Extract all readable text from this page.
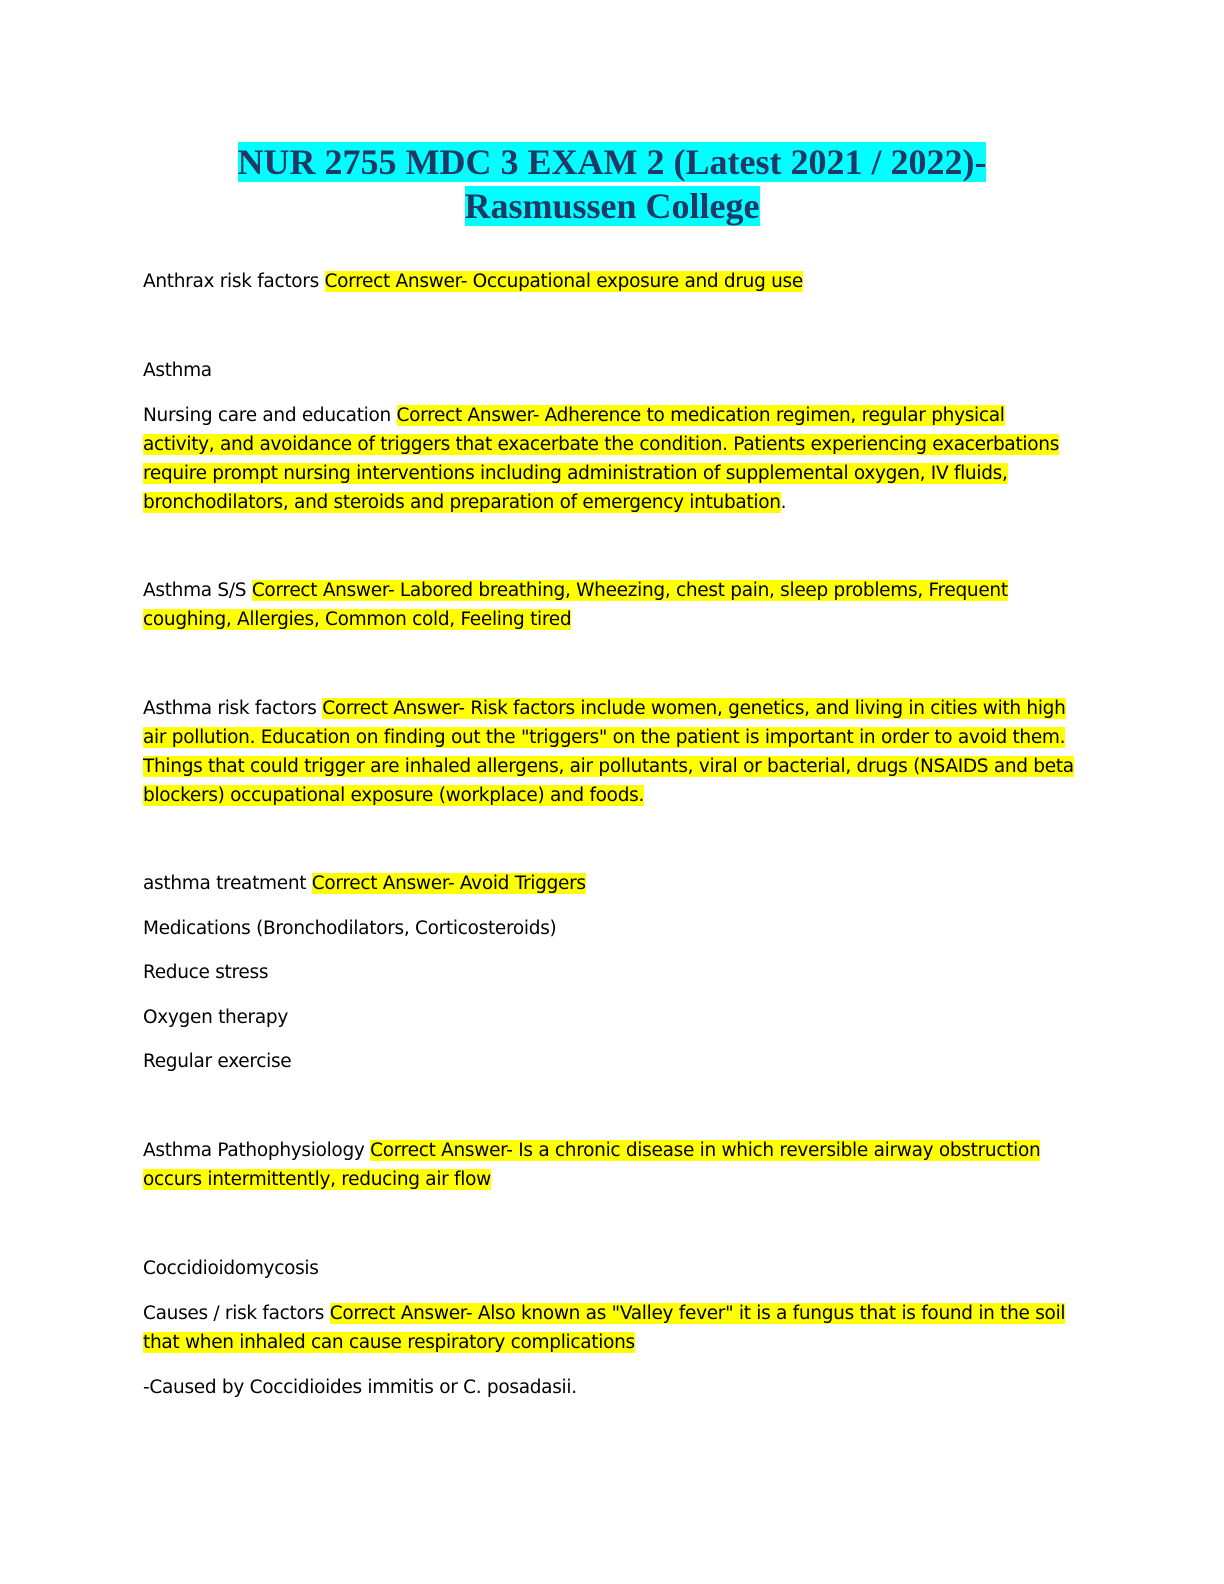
NUR 2755 MDC 3 EXAM 2 (Latest 2021 / 2022)-
Rasmussen College
Anthrax risk factors Correct Answer- Occupational exposure and drug use
Asthma
Nursing care and education Correct Answer- Adherence to medication regimen, regular physical activity, and avoidance of triggers that exacerbate the condition. Patients experiencing exacerbations require prompt nursing interventions including administration of supplemental oxygen, IV fluids, bronchodilators, and steroids and preparation of emergency intubation.
Asthma S/S Correct Answer- Labored breathing, Wheezing, chest pain, sleep problems, Frequent coughing, Allergies, Common cold, Feeling tired
Asthma risk factors Correct Answer- Risk factors include women, genetics, and living in cities with high air pollution. Education on finding out the "triggers" on the patient is important in order to avoid them. Things that could trigger are inhaled allergens, air pollutants, viral or bacterial, drugs (NSAIDS and beta blockers) occupational exposure (workplace) and foods.
asthma treatment Correct Answer- Avoid Triggers
Medications (Bronchodilators, Corticosteroids)
Reduce stress
Oxygen therapy
Regular exercise
Asthma Pathophysiology Correct Answer- Is a chronic disease in which reversible airway obstruction occurs intermittently, reducing air flow
Coccidioidomycosis
Causes / risk factors Correct Answer- Also known as "Valley fever" it is a fungus that is found in the soil that when inhaled can cause respiratory complications
-Caused by Coccidioides immitis or C. posadasii.
